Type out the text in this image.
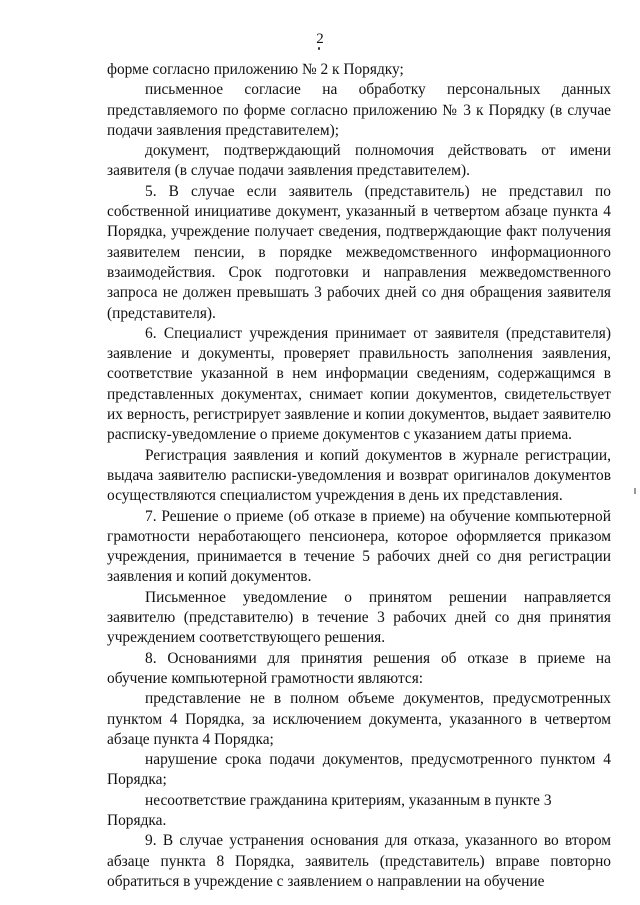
2

форме согласно приложению № 2 к Порядку;

письменное согласие на обработку персональных данных представляемого по форме согласно приложению № 3 к Порядку (в случае подачи заявления представителем);

документ, подтверждающий полномочия действовать от имени заявителя (в случае подачи заявления представителем).

5. В случае если заявитель (представитель) не представил по собственной инициативе документ, указанный в четвертом абзаце пункта 4 Порядка, учреждение получает сведения, подтверждающие факт получения заявителем пенсии, в порядке межведомственного информационного взаимодействия. Срок подготовки и направления межведомственного запроса не должен превышать 3 рабочих дней со дня обращения заявителя (представителя).

6. Специалист учреждения принимает от заявителя (представителя) заявление и документы, проверяет правильность заполнения заявления, соответствие указанной в нем информации сведениям, содержащимся в представленных документах, снимает копии документов, свидетельствует их верность, регистрирует заявление и копии документов, выдает заявителю расписку-уведомление о приеме документов с указанием даты приема.

Регистрация заявления и копий документов в журнале регистрации, выдача заявителю расписки-уведомления и возврат оригиналов документов осуществляются специалистом учреждения в день их представления.

7. Решение о приеме (об отказе в приеме) на обучение компьютерной грамотности неработающего пенсионера, которое оформляется приказом учреждения, принимается в течение 5 рабочих дней со дня регистрации заявления и копий документов.

Письменное уведомление о принятом решении направляется заявителю (представителю) в течение 3 рабочих дней со дня принятия учреждением соответствующего решения.

8. Основаниями для принятия решения об отказе в приеме на обучение компьютерной грамотности являются:

представление не в полном объеме документов, предусмотренных пунктом 4 Порядка, за исключением документа, указанного в четвертом абзаце пункта 4 Порядка;

нарушение срока подачи документов, предусмотренного пунктом 4 Порядка;

несоответствие гражданина критериям, указанным в пункте 3 Порядка.

9. В случае устранения основания для отказа, указанного во втором абзаце пункта 8 Порядка, заявитель (представитель) вправе повторно обратиться в учреждение с заявлением о направлении на обучение
